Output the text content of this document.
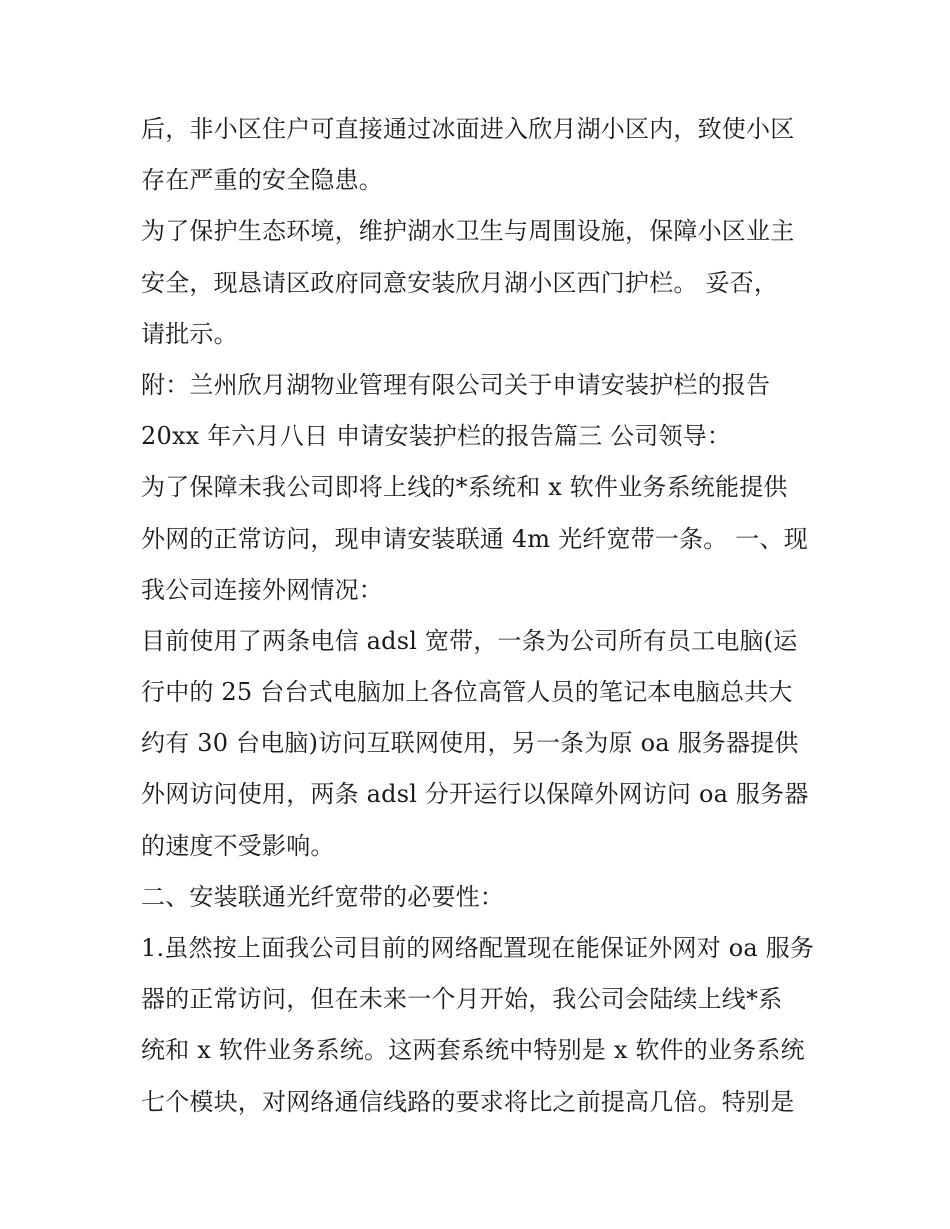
后，非小区住户可直接通过冰面进入欣月湖小区内，致使小区
存在严重的安全隐患。
为了保护生态环境，维护湖水卫生与周围设施，保障小区业主
安全，现恳请区政府同意安装欣月湖小区西门护栏。 妥否，
请批示。
附：兰州欣月湖物业管理有限公司关于申请安装护栏的报告
20xx 年六月八日 申请安装护栏的报告篇三 公司领导：
为了保障未我公司即将上线的*系统和 x 软件业务系统能提供
外网的正常访问，现申请安装联通 4m 光纤宽带一条。 一、现
我公司连接外网情况：
目前使用了两条电信 adsl 宽带，一条为公司所有员工电脑(运
行中的 25 台台式电脑加上各位高管人员的笔记本电脑总共大
约有 30 台电脑)访问互联网使用，另一条为原 oa 服务器提供
外网访问使用，两条 adsl 分开运行以保障外网访问 oa 服务器
的速度不受影响。
二、安装联通光纤宽带的必要性：
1.虽然按上面我公司目前的网络配置现在能保证外网对 oa 服务
器的正常访问，但在未来一个月开始，我公司会陆续上线*系
统和 x 软件业务系统。这两套系统中特别是 x 软件的业务系统
七个模块，对网络通信线路的要求将比之前提高几倍。特别是
